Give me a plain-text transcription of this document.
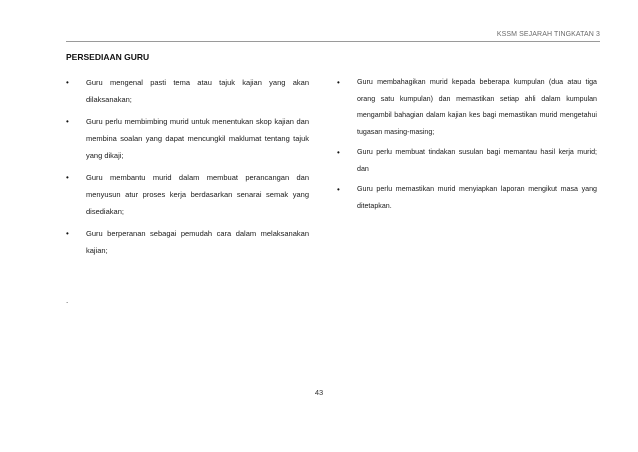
KSSM SEJARAH TINGKATAN 3
PERSEDIAAN GURU
•	Guru mengenal pasti tema atau tajuk kajian yang akan dilaksanakan;
•	Guru perlu membimbing murid untuk menentukan skop kajian dan membina soalan yang dapat mencungkil maklumat tentang tajuk yang dikaji;
•	Guru membantu murid dalam membuat perancangan dan menyusun atur proses kerja berdasarkan senarai semak yang disediakan;
•	Guru berperanan sebagai pemudah cara dalam melaksanakan kajian;
•	Guru membahagikan murid kepada beberapa kumpulan (dua atau tiga orang satu kumpulan) dan memastikan setiap ahli dalam kumpulan mengambil bahagian dalam kajian kes bagi memastikan murid mengetahui tugasan masing-masing;
•	Guru perlu membuat tindakan susulan bagi memantau hasil kerja murid; dan
•	Guru perlu memastikan murid menyiapkan laporan mengikut masa yang ditetapkan.
.
43
